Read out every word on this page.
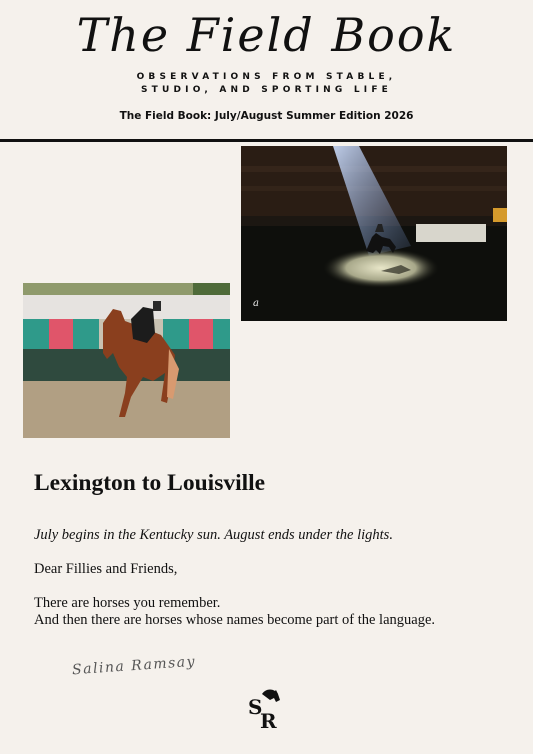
The Field Book
OBSERVATIONS FROM STABLE,
STUDIO, AND SPORTING LIFE
The Field Book: July/August Summer Edition 2026
a
Lexington to Louisville
July begins in the Kentucky sun. August ends under the lights.
Dear Fillies and Friends,
There are horses you remember.
And then there are horses whose names become part of the language.
Salina Ramsay
S
R
